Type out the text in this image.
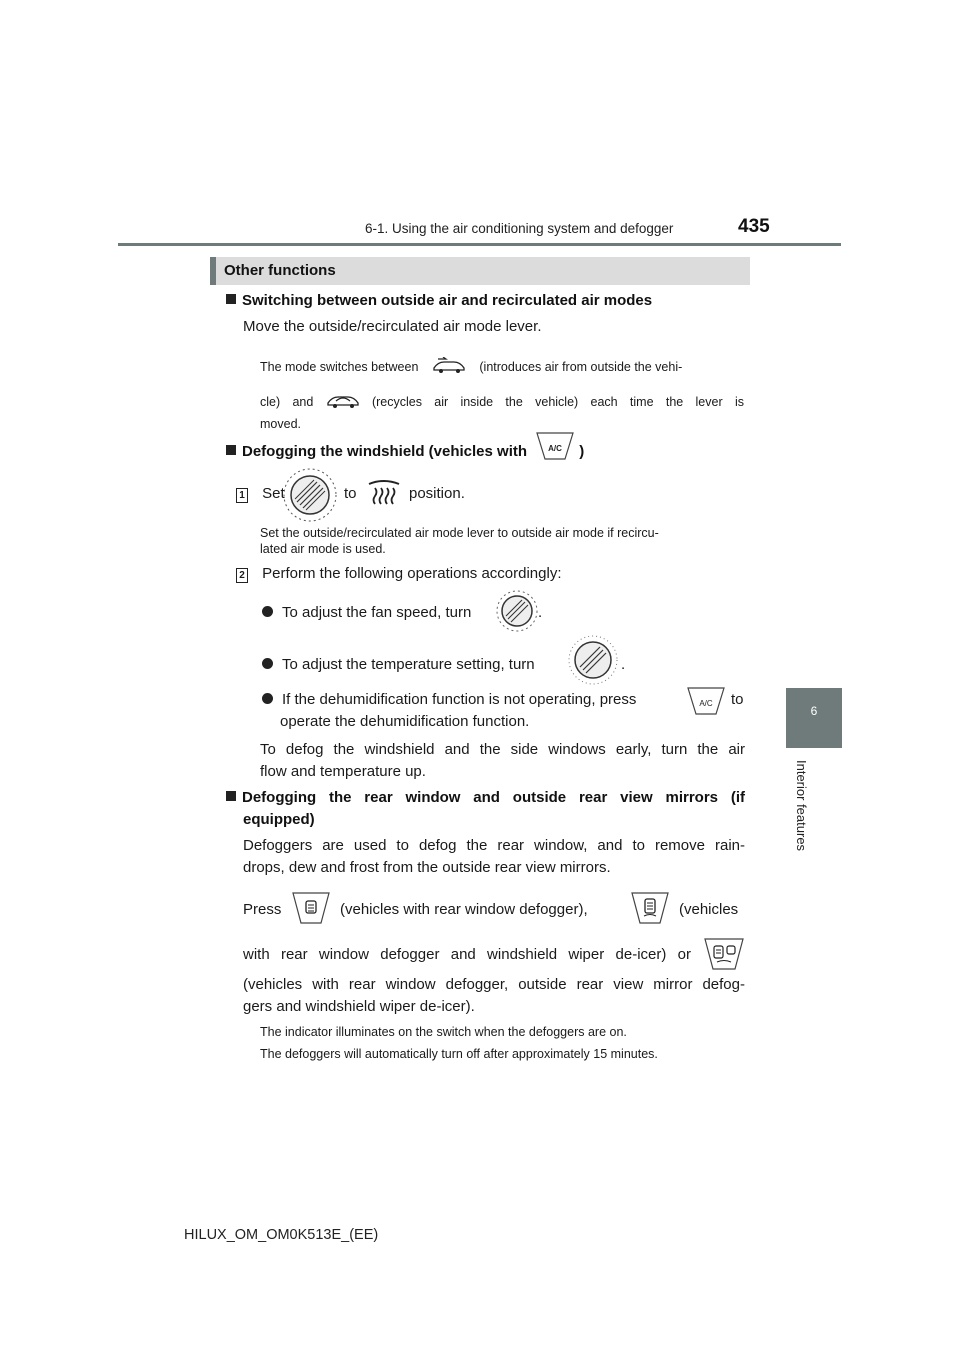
6-1. Using the air conditioning system and defogger	435
6
Interior features
Other functions
Switching between outside air and recirculated air modes
Move the outside/recirculated air mode lever.
The mode switches between	(introduces air from outside the vehi-
cle) and	(recycles air inside the vehicle) each time the lever is
moved.
Defogging the windshield (vehicles with	A/C )
1 Set	to	position.
Set the outside/recirculated air mode lever to outside air mode if recircu-
lated air mode is used.
2 Perform the following operations accordingly:
To adjust the fan speed, turn	.
To adjust the temperature setting, turn	.
If the dehumidification function is not operating, press	A/C to
operate the dehumidification function.
To defog the windshield and the side windows early, turn the air
flow and temperature up.
Defogging the rear window and outside rear view mirrors (if
equipped)
Defoggers are used to defog the rear window, and to remove rain-
drops, dew and frost from the outside rear view mirrors.
Press	(vehicles with rear window defogger),	(vehicles
with rear window defogger and windshield wiper de-icer) or
(vehicles with rear window defogger, outside rear view mirror defog-
gers and windshield wiper de-icer).
The indicator illuminates on the switch when the defoggers are on.
The defoggers will automatically turn off after approximately 15 minutes.
HILUX_OM_OM0K513E_(EE)
